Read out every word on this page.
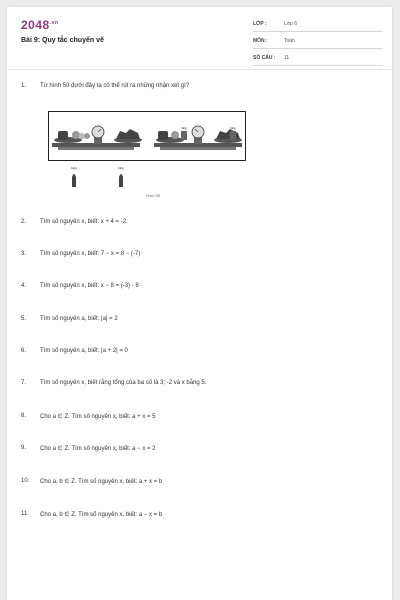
$2048^{.vn}$
Bài 9: Quy tắc chuyển vế
LỚP :	Lớp 6
MÔN :	Toán
SỐ CÂU :	11
1.	Từ hình 50 dưới đây ta có thể rút ra những nhận xét gì?
1kg	1kg
1kg	1kg
Hình 50
2.	Tìm số nguyên x, biết: x + 4 = -2.
3.	Tìm số nguyên x, biết: 7 − x = 8 − (-7)
4.	Tìm số nguyên x, biết: x − 8 = (-3) - 8
5.	Tìm số nguyên a, biết: |a| = 2
6.	Tìm số nguyên a, biết: |a + 2| = 0
7.	Tìm số nguyên x, biết rằng tổng của ba số là 3; -2 và x bằng 5.
8.	Cho a ∈ Z. Tìm số nguyên x, biết: a + x = 5
9.	Cho a ∈ Z. Tìm số nguyên x, biết: a − x = 2
10.	Cho a, b ∈ Z. Tìm số nguyên x, biết: a + x = b
11.	Cho a, b ∈ Z. Tìm số nguyên x, biết: a − x = b
